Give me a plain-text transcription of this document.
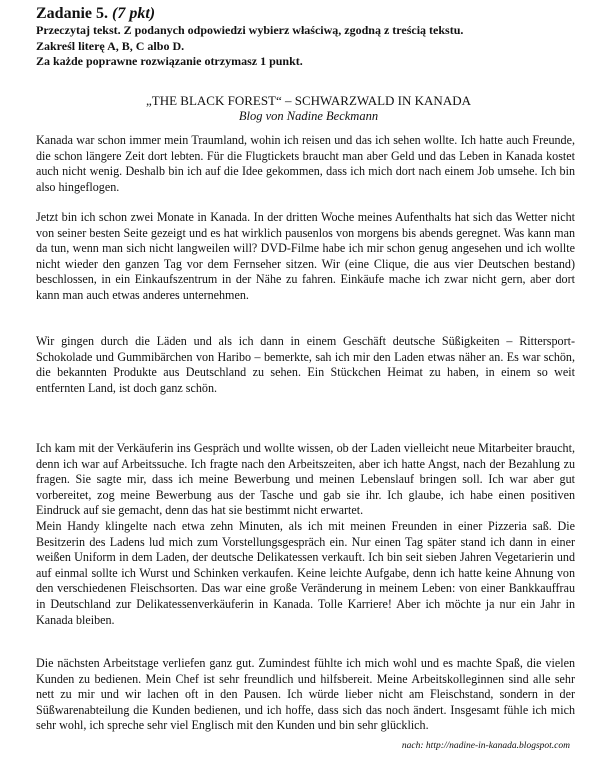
Zadanie 5. (7 pkt)
Przeczytaj tekst. Z podanych odpowiedzi wybierz właściwą, zgodną z treścią tekstu.
Zakreśl literę A, B, C albo D.
Za każde poprawne rozwiązanie otrzymasz 1 punkt.
„THE BLACK FOREST“ – SCHWARZWALD IN KANADA
Blog von Nadine Beckmann

Kanada war schon immer mein Traumland, wohin ich reisen und das ich sehen wollte. Ich hatte auch Freunde, die schon längere Zeit dort lebten. Für die Flugtickets braucht man aber Geld und das Leben in Kanada kostet auch nicht wenig. Deshalb bin ich auf die Idee gekommen, dass ich mich dort nach einem Job umsehe. Ich bin also hingeflogen.

Jetzt bin ich schon zwei Monate in Kanada. In der dritten Woche meines Aufenthalts hat sich das Wetter nicht von seiner besten Seite gezeigt und es hat wirklich pausenlos von morgens bis abends geregnet. Was kann man da tun, wenn man sich nicht langweilen will? DVD-Filme habe ich mir schon genug angesehen und ich wollte nicht wieder den ganzen Tag vor dem Fernseher sitzen. Wir (eine Clique, die aus vier Deutschen bestand) beschlossen, in ein Einkaufszentrum in der Nähe zu fahren. Einkäufe mache ich zwar nicht gern, aber dort kann man auch etwas anderes unternehmen.

Wir gingen durch die Läden und als ich dann in einem Geschäft deutsche Süßigkeiten – Rittersport-Schokolade und Gummibärchen von Haribo – bemerkte, sah ich mir den Laden etwas näher an. Es war schön, die bekannten Produkte aus Deutschland zu sehen. Ein Stückchen Heimat zu haben, in einem so weit entfernten Land, ist doch ganz schön.

Ich kam mit der Verkäuferin ins Gespräch und wollte wissen, ob der Laden vielleicht neue Mitarbeiter braucht, denn ich war auf Arbeitssuche. Ich fragte nach den Arbeitszeiten, aber ich hatte Angst, nach der Bezahlung zu fragen. Sie sagte mir, dass ich meine Bewerbung und meinen Lebenslauf bringen soll. Ich war aber gut vorbereitet, zog meine Bewerbung aus der Tasche und gab sie ihr. Ich glaube, ich habe einen positiven Eindruck auf sie gemacht, denn das hat sie bestimmt nicht erwartet.

Mein Handy klingelte nach etwa zehn Minuten, als ich mit meinen Freunden in einer Pizzeria saß. Die Besitzerin des Ladens lud mich zum Vorstellungsgespräch ein. Nur einen Tag später stand ich dann in einer weißen Uniform in dem Laden, der deutsche Delikatessen verkauft. Ich bin seit sieben Jahren Vegetarierin und auf einmal sollte ich Wurst und Schinken verkaufen. Keine leichte Aufgabe, denn ich hatte keine Ahnung von den verschiedenen Fleischsorten. Das war eine große Veränderung in meinem Leben: von einer Bankkauffrau in Deutschland zur Delikatessenverkäuferin in Kanada. Tolle Karriere! Aber ich möchte ja nur ein Jahr in Kanada bleiben.

Die nächsten Arbeitstage verliefen ganz gut. Zumindest fühlte ich mich wohl und es machte Spaß, die vielen Kunden zu bedienen. Mein Chef ist sehr freundlich und hilfsbereit. Meine Arbeitskolleginnen sind alle sehr nett zu mir und wir lachen oft in den Pausen. Ich würde lieber nicht am Fleischstand, sondern in der Süßwarenabteilung die Kunden bedienen, und ich hoffe, dass sich das noch ändert. Insgesamt fühle ich mich sehr wohl, ich spreche sehr viel Englisch mit den Kunden und bin sehr glücklich.

nach: http://nadine-in-kanada.blogspot.com
